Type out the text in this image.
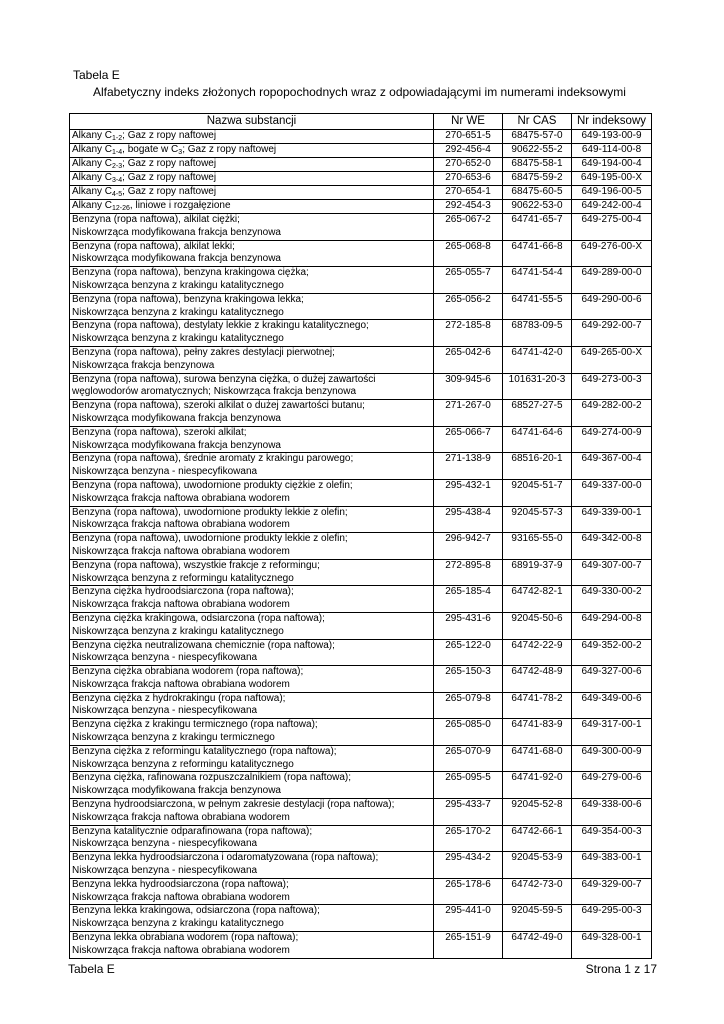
Tabela E
Alfabetyczny indeks złożonych ropopochodnych wraz z odpowiadającymi im numerami indeksowymi
Nazwa substancji	Nr WE	Nr CAS	Nr indeksowy
Alkany $C_{1-2}$; Gaz z ropy naftowej	270-651-5	68475-57-0	649-193-00-9
Alkany $C_{1-4}$, bogate w $C_3$; Gaz z ropy naftowej	292-456-4	90622-55-2	649-114-00-8
Alkany $C_{2-3}$; Gaz z ropy naftowej	270-652-0	68475-58-1	649-194-00-4
Alkany $C_{3-4}$; Gaz z ropy naftowej	270-653-6	68475-59-2	649-195-00-X
Alkany $C_{4-5}$; Gaz z ropy naftowej	270-654-1	68475-60-5	649-196-00-5
Alkany $C_{12-26}$, liniowe i rozgałęzione	292-454-3	90622-53-0	649-242-00-4

Benzyna (ropa naftowa), alkilat ciężki;
Niskowrząca modyfikowana frakcja benzynowa	265-067-2	64741-65-7	649-275-00-4

Benzyna (ropa naftowa), alkilat lekki;
Niskowrząca modyfikowana frakcja benzynowa	265-068-8	64741-66-8	649-276-00-X

Benzyna (ropa naftowa), benzyna krakingowa ciężka;
Niskowrząca benzyna z krakingu katalitycznego	265-055-7	64741-54-4	649-289-00-0

Benzyna (ropa naftowa), benzyna krakingowa lekka;
Niskowrząca benzyna z krakingu katalitycznego	265-056-2	64741-55-5	649-290-00-6

Benzyna (ropa naftowa), destylaty lekkie z krakingu katalitycznego;
Niskowrząca benzyna z krakingu katalitycznego	272-185-8	68783-09-5	649-292-00-7

Benzyna (ropa naftowa), pełny zakres destylacji pierwotnej;
Niskowrząca frakcja benzynowa	265-042-6	64741-42-0	649-265-00-X

Benzyna (ropa naftowa), surowa benzyna ciężka, o dużej zawartości
węglowodorów aromatycznych; Niskowrząca frakcja benzynowa	309-945-6	101631-20-3	649-273-00-3

Benzyna (ropa naftowa), szeroki alkilat o dużej zawartości butanu;
Niskowrząca modyfikowana frakcja benzynowa	271-267-0	68527-27-5	649-282-00-2

Benzyna (ropa naftowa), szeroki alkilat;
Niskowrząca modyfikowana frakcja benzynowa	265-066-7	64741-64-6	649-274-00-9

Benzyna (ropa naftowa), średnie aromaty z krakingu parowego;
Niskowrząca benzyna - niespecyfikowana	271-138-9	68516-20-1	649-367-00-4

Benzyna (ropa naftowa), uwodornione produkty ciężkie z olefin;
Niskowrząca frakcja naftowa obrabiana wodorem	295-432-1	92045-51-7	649-337-00-0

Benzyna (ropa naftowa), uwodornione produkty lekkie z olefin;
Niskowrząca frakcja naftowa obrabiana wodorem	295-438-4	92045-57-3	649-339-00-1

Benzyna (ropa naftowa), uwodornione produkty lekkie z olefin;
Niskowrząca frakcja naftowa obrabiana wodorem	296-942-7	93165-55-0	649-342-00-8

Benzyna (ropa naftowa), wszystkie frakcje z reformingu;
Niskowrząca benzyna z reformingu katalitycznego	272-895-8	68919-37-9	649-307-00-7

Benzyna ciężka hydroodsiarczona (ropa naftowa);
Niskowrząca frakcja naftowa obrabiana wodorem	265-185-4	64742-82-1	649-330-00-2

Benzyna ciężka krakingowa, odsiarczona (ropa naftowa);
Niskowrząca benzyna z krakingu katalitycznego	295-431-6	92045-50-6	649-294-00-8

Benzyna ciężka neutralizowana chemicznie (ropa naftowa);
Niskowrząca benzyna - niespecyfikowana	265-122-0	64742-22-9	649-352-00-2

Benzyna ciężka obrabiana wodorem (ropa naftowa);
Niskowrząca frakcja naftowa obrabiana wodorem	265-150-3	64742-48-9	649-327-00-6

Benzyna ciężka z hydrokrakingu (ropa naftowa);
Niskowrząca benzyna - niespecyfikowana	265-079-8	64741-78-2	649-349-00-6

Benzyna ciężka z krakingu termicznego (ropa naftowa);
Niskowrząca benzyna z krakingu termicznego	265-085-0	64741-83-9	649-317-00-1

Benzyna ciężka z reformingu katalitycznego (ropa naftowa);
Niskowrząca benzyna z reformingu katalitycznego	265-070-9	64741-68-0	649-300-00-9

Benzyna ciężka, rafinowana rozpuszczalnikiem (ropa naftowa);
Niskowrząca modyfikowana frakcja benzynowa	265-095-5	64741-92-0	649-279-00-6

Benzyna hydroodsiarczona, w pełnym zakresie destylacji (ropa naftowa);
Niskowrząca frakcja naftowa obrabiana wodorem	295-433-7	92045-52-8	649-338-00-6

Benzyna katalitycznie odparafinowana (ropa naftowa);
Niskowrząca benzyna - niespecyfikowana	265-170-2	64742-66-1	649-354-00-3

Benzyna lekka hydroodsiarczona i odaromatyzowana (ropa naftowa);
Niskowrząca benzyna - niespecyfikowana	295-434-2	92045-53-9	649-383-00-1

Benzyna lekka hydroodsiarczona (ropa naftowa);
Niskowrząca frakcja naftowa obrabiana wodorem	265-178-6	64742-73-0	649-329-00-7

Benzyna lekka krakingowa, odsiarczona (ropa naftowa);
Niskowrząca benzyna z krakingu katalitycznego	295-441-0	92045-59-5	649-295-00-3

Benzyna lekka obrabiana wodorem (ropa naftowa);
Niskowrząca frakcja naftowa obrabiana wodorem	265-151-9	64742-49-0	649-328-00-1
Tabela E	Strona 1 z 17
